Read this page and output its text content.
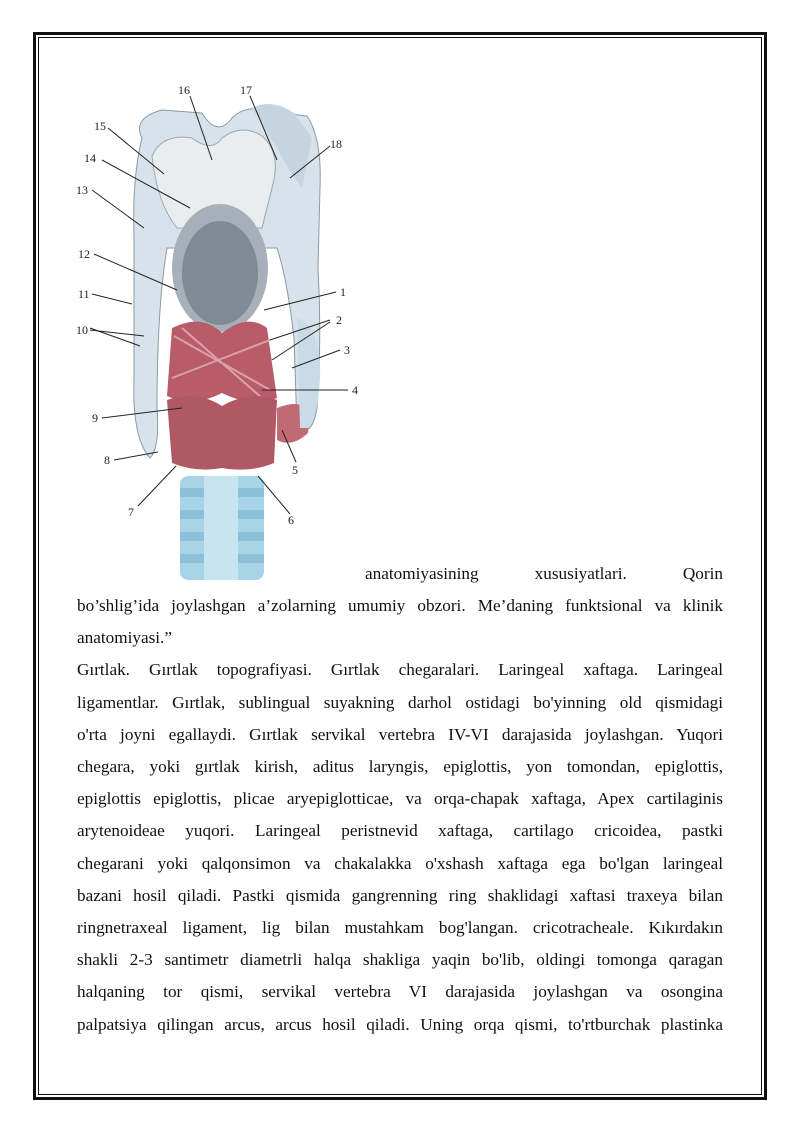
1
2
3
4
5
6
7
8
9
10
11
12
13
14
15
16	17
18
anatomiyasining	xususiyatlari.	Qorin
bo’shlig’ida joylashgan a’zolarning umumiy obzori. Me’daning funktsional va klinik
anatomiyasi.”
Gırtlak. Gırtlak topografiyasi. Gırtlak chegaralari. Laringeal xaftaga. Laringeal
ligamentlar. Gırtlak, sublingual suyakning darhol ostidagi bo'yinning old qismidagi
o'rta joyni egallaydi. Gırtlak servikal vertebra IV-VI darajasida joylashgan. Yuqori
chegara, yoki gırtlak kirish, aditus laryngis, epiglottis, yon tomondan, epiglottis,
epiglottis epiglottis, plicae aryepiglotticae, va orqa-chapak xaftaga, Apex cartilaginis
arytenoideae yuqori. Laringeal peristnevid xaftaga, cartilago cricoidea, pastki
chegarani yoki qalqonsimon va chakalakka o'xshash xaftaga ega bo'lgan laringeal
bazani hosil qiladi. Pastki qismida gangrenning ring shaklidagi xaftasi traxeya bilan
ringnetraxeal ligament, lig bilan mustahkam bog'langan. cricotracheale. Kıkırdakın
shakli 2-3 santimetr diametrli halqa shakliga yaqin bo'lib, oldingi tomonga qaragan
halqaning tor qismi, servikal vertebra VI darajasida joylashgan va osongina
palpatsiya qilingan arcus, arcus hosil qiladi. Uning orqa qismi, to'rtburchak plastinka
